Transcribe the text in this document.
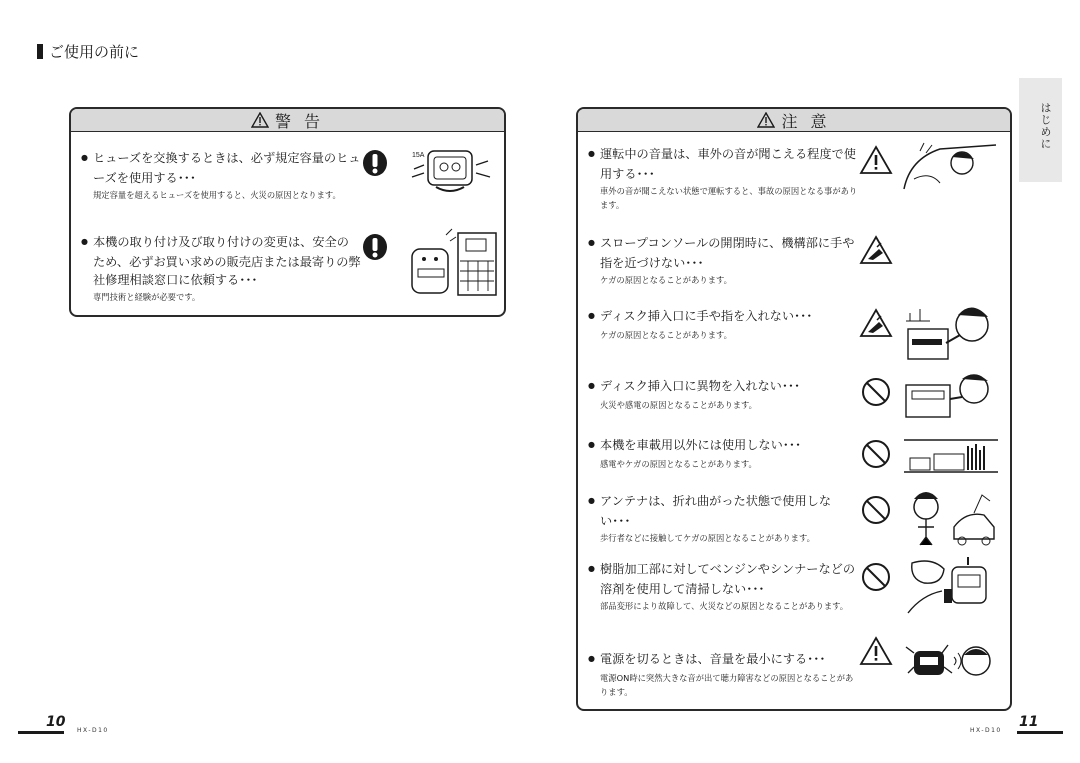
ご使用の前に
警 告
● ヒューズを交換するときは、必ず規定容量のヒューズを使用する･･･
規定容量を超えるヒューズを使用すると、火災の原因となります。
15A
● 本機の取り付け及び取り付けの変更は、安全のため、必ずお買い求めの販売店または最寄りの弊社修理相談窓口に依頼する･･･
専門技術と経験が必要です。
注 意
● 運転中の音量は、車外の音が聞こえる程度で使用する･･･
車外の音が聞こえない状態で運転すると、事故の原因となる事があります。
● スロープコンソールの開閉時に、機構部に手や指を近づけない･･･
ケガの原因となることがあります。
● ディスク挿入口に手や指を入れない･･･
ケガの原因となることがあります。
● ディスク挿入口に異物を入れない･･･
火災や感電の原因となることがあります。
● 本機を車載用以外には使用しない･･･
感電やケガの原因となることがあります。
● アンテナは、折れ曲がった状態で使用しない･･･
歩行者などに接触してケガの原因となることがあります。
● 樹脂加工部に対してベンジンやシンナーなどの溶剤を使用して清掃しない･･･
部品変形により故障して、火災などの原因となることがあります。
● 電源を切るときは、音量を最小にする･･･
電源ON時に突然大きな音が出て聴力障害などの原因となることがあります。
はじめに
10
HX-D10
11
HX-D10
